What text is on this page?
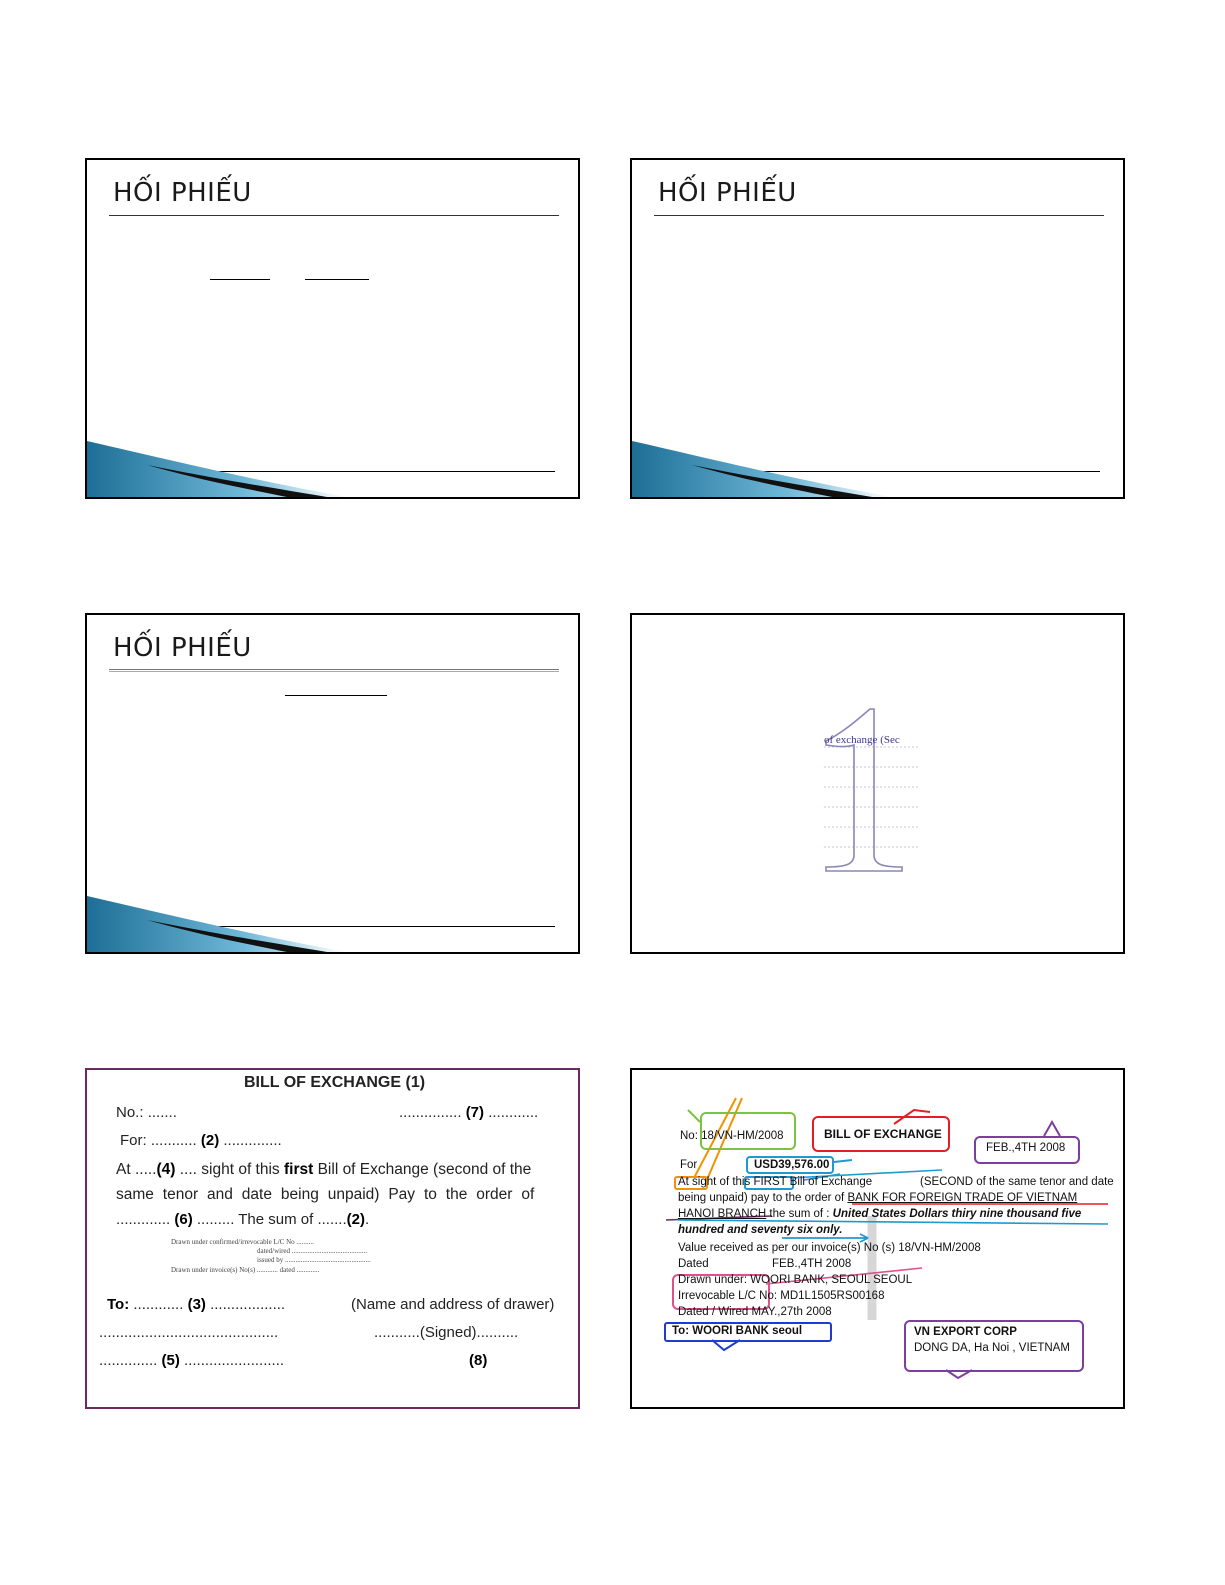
HỐI PHIẾU	HỐI PHIẾU
HỐI PHIẾU
of exchange (Sec
BILL OF EXCHANGE (1)
No.: .......	............... (7) ............
For: ........... (2) ..............
At .....(4) .... sight of this first Bill of Exchange (second of the
same tenor and date being unpaid) Pay to the order of
............. (6) ......... The sum of .......(2).
Drawn under confirmed/irrevocable L/C No ..........
dated/wired ...........................................
issued by .................................................
Drawn under invoice(s) No(s) ............ dated .............
To: ............ (3) ..................	(Name and address of drawer)
...........................................	...........(Signed)..........
.............. (5) ........................	(8)
No: 18/VN-HM/2008	BILL OF EXCHANGE
FEB.,4TH 2008
For	USD39,576.00
At sight of this FIRST Bill of Exchange	(SECOND of the same tenor and date
being unpaid) pay to the order of BANK FOR FOREIGN TRADE OF VIETNAM
HANOI BRANCH the sum of : United States Dollars thiry nine thousand five
hundred and seventy six only.
Value received as per our invoice(s) No (s) 18/VN-HM/2008
Dated	FEB.,4TH 2008
Drawn under: WOORI BANK, SEOUL SEOUL
Irrevocable L/C No: MD1L1505RS00168
Dated / Wired MAY.,27th 2008
To: WOORI BANK seoul	VN EXPORT CORP
DONG DA, Ha Noi , VIETNAM
